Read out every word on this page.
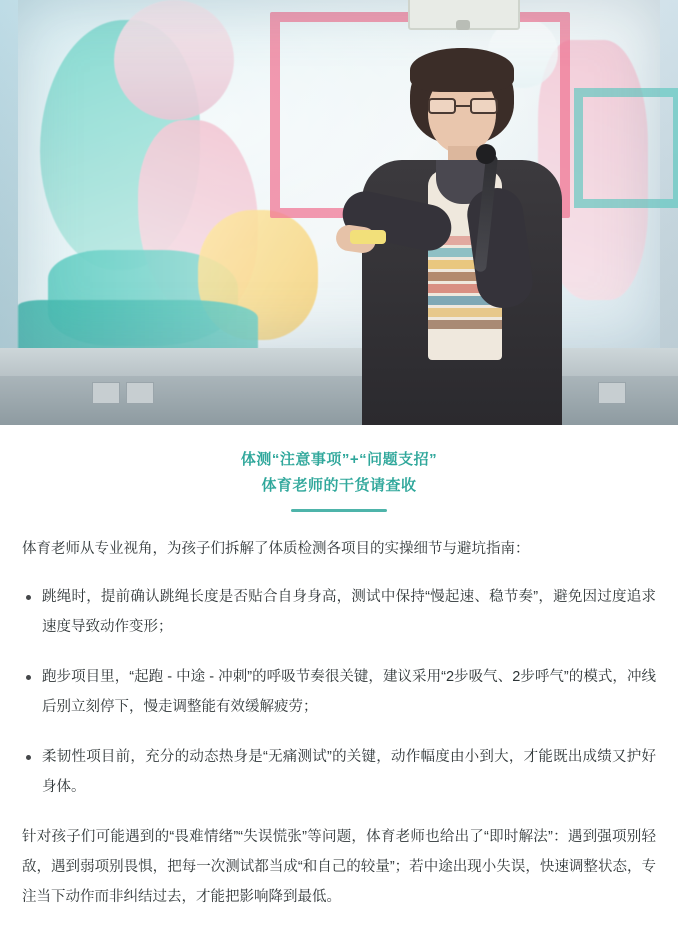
体测“注意事项”+“问题支招”
体育老师的干货请查收

体育老师从专业视角，为孩子们拆解了体质检测各项目的实操细节与避坑指南：

跳绳时，提前确认跳绳长度是否贴合自身身高，测试中保持“慢起速、稳节奏”，避免因过度追求速度导致动作变形；
跑步项目里，“起跑 - 中途 - 冲刺”的呼吸节奏很关键，建议采用“2步吸气、2步呼气”的模式，冲线后别立刻停下，慢走调整能有效缓解疲劳；
柔韧性项目前，充分的动态热身是“无痛测试”的关键，动作幅度由小到大，才能既出成绩又护好身体。

针对孩子们可能遇到的“畏难情绪”“失误慌张”等问题，体育老师也给出了“即时解法”：遇到强项别轻敌，遇到弱项别畏惧，把每一次测试都当成“和自己的较量”；若中途出现小失误，快速调整状态，专注当下动作而非纠结过去，才能把影响降到最低。
